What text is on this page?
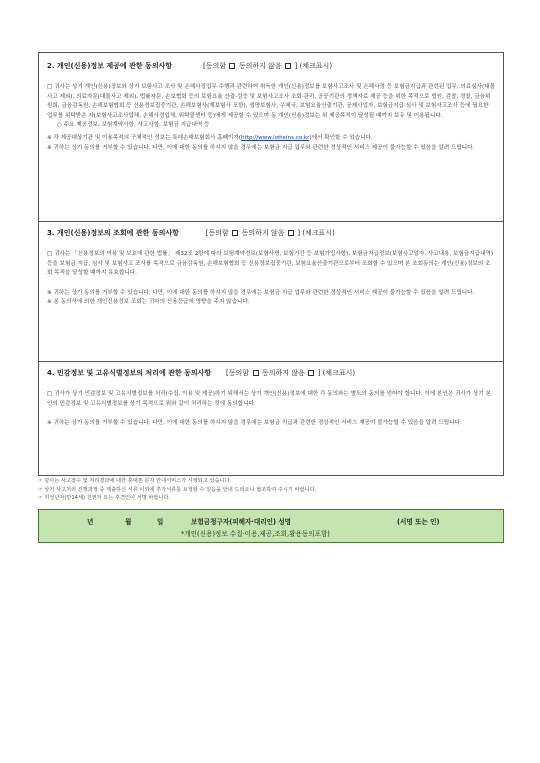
2. 개인(신용)정보 제공에 관한 동의사항	[동의함 동의하지 않음 ] (체크표시)
□ 귀사는 상기 개인(신용)정보와 상기 보험사고 조사 및 손해사정업무 수행과 관련하여 취득한 개인(신용)정보를 보험사고조사 및 손해사정 등 보험금지급과 관련된 업무, 의료심사(대물사고 제외), 의료자문(대물사고 제외), 법률자문, 손보협회 등의 보험요율 산출·검증 및 보험사고조사 조회·관리, 공공기관의 정책자료 제공 등을 위한 목적으로 법원, 검찰, 경찰, 금융위원회, 금융감독원, 손해보험협회 등 신용정보집중기관, 손해보험사(재보험사 포함), 생명보험사, 우체국, 보험요율산출기관, 공제사업자, 보험금지급·심사 및 보험사고조사 등에 필요한 업무를 위탁받은 자(보험사고조사업체, 손해사정업체, 위탁콜센터 등)에게 제공할 수 있으며 동 개인(신용)정보는 위 제공목적이 달성될 때까지 보유 및 이용됩니다.
○ 주요 제공정보: 보험계약사항, 사고사항, 보험금 지급내역 등
※ 각 제공대상기관 및 이용목적의 구체적인 정보는 롯데손해보험회사 홈페이지(http://www.lotteins.co.kr)에서 확인할 수 있습니다.
※ 귀하는 상기 동의를 거부할 수 있습니다. 다만, 이에 대한 동의를 하시지 않을 경우에는 보험금 지급 업무와 관련한 정상적인 서비스 제공이 불가능할 수 있음을 알려 드립니다.
3. 개인(신용)정보의 조회에 관한 동의사항	[동의함 동의하지 않음 ] (체크표시)
□ 귀사는 「신용정보의 이용 및 보호에 관한 법률」 제32조 2항에 따라 보험계약정보(보험사명, 보험기간 등 보험가입사항), 보험금지급정보(보험사고일자, 사고내용, 보험금지급내역) 등을 보험금 지급, 심사 및 보험사고 조사를 목적으로 금융감독원, 손해보험협회 등 신용정보집중기관, 보험요율산출기관으로부터 조회할 수 있으며 본 조회동의는 개인(신용)정보의 조회 목적을 달성할 때까지 유효합니다.
※ 귀하는 상기 동의를 거부할 수 있습니다. 다만, 이에 대한 동의를 하시지 않을 경우에는 보험금 지급 업무와 관련한 정상적인 서비스 제공이 불가능할 수 있음을 알려 드립니다.
※ 본 동의서에 의한 개인신용정보 조회는 귀하의 신용등급에 영향을 주지 않습니다.
4. 민감정보 및 고유식별정보의 처리에 관한 동의사항 [동의함 동의하지 않음 ] (체크표시)
□ 귀사가 상기 민감정보 및 고유식별정보를 처리(수집, 이용 및 제공)하기 위해서는 상기 개인(신용)정보에 대한 각 동의와는 별도의 동의를 얻어야 합니다. 이에 본인은 귀사가 상기 본인의 민감정보 및 고유식별정보를 상기 목적으로 위와 같이 처리하는 것에 동의합니다.
※ 귀하는 상기 동의를 거부할 수 있습니다. 다만, 이에 대한 동의를 하시지 않을 경우에는 보험금 지급과 관련한 정상적인 서비스 제공이 불가능할 수 있음을 알려 드립니다.
☞ 당사는 사고접수 및 처리결과에 대한 휴대폰 문자 안내서비스가 시행되고 있습니다.
☞ 상기 사고처리 진행과정 중 제출하신 서류 이외에 추가서류를 요청할 수 있음을 안내 드리오니 협조하여 주시기 바랍니다.
☞ 미성년자(만14세) 친권자 또는 후견인이 서명 바랍니다.
년	월	일	보험금청구자(피해자·대리인) 성명	(서명 또는 인)
*개인(신용)정보 수집·이용,제공,조회,활용동의포함)
